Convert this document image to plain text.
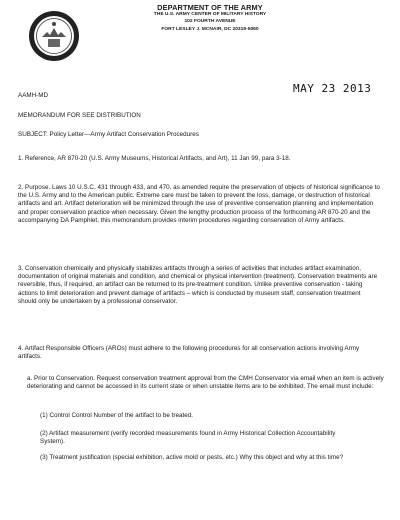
DEPARTMENT OF THE ARMY
THE U.S. ARMY CENTER OF MILITARY HISTORY
102 FOURTH AVENUE
FORT LESLEY J. MCNAIR, DC 20319-5060
AAMH-MD
MAY 23 2013

MEMORANDUM FOR SEE DISTRIBUTION

SUBJECT: Policy Letter—Army Artifact Conservation Procedures

1. Reference, AR 870-20 (U.S. Army Museums, Historical Artifacts, and Art), 11 Jan 99, para 3-18.

2. Purpose. Laws 10 U.S.C. 431 through 433, and 470, as amended require the preservation of objects of historical significance to the U.S. Army and to the American public. Extreme care must be taken to prevent the loss, damage, or destruction of historical artifacts and art. Artifact deterioration will be minimized through the use of preventive conservation planning and implementation and proper conservation practice when necessary. Given the lengthy production process of the forthcoming AR 870-20 and the accompanying DA Pamphlet, this memorandum provides interim procedures regarding conservation of Army artifacts.

3. Conservation chemically and physically stabilizes artifacts through a series of activities that includes artifact examination, documentation of original materials and condition, and chemical or physical intervention (treatment). Conservation treatments are reversible, thus, if required, an artifact can be returned to its pre-treatment condition. Unlike preventive conservation - taking actions to limit deterioration and prevent damage of artifacts – which is conducted by museum staff, conservation treatment should only be undertaken by a professional conservator.

4. Artifact Responsible Officers (AROs) must adhere to the following procedures for all conservation actions involving Army artifacts.

a. Prior to Conservation. Request conservation treatment approval from the CMH Conservator via email when an item is actively deteriorating and cannot be accessed in its current state or when unstable items are to be exhibited. The email must include:

(1) Control Control Number of the artifact to be treated.

(2) Artifact measurement (verify recorded measurements found in Army Historical Collection Accountability System).

(3) Treatment justification (special exhibition, active mold or pests, etc.) Why this object and why at this time?
